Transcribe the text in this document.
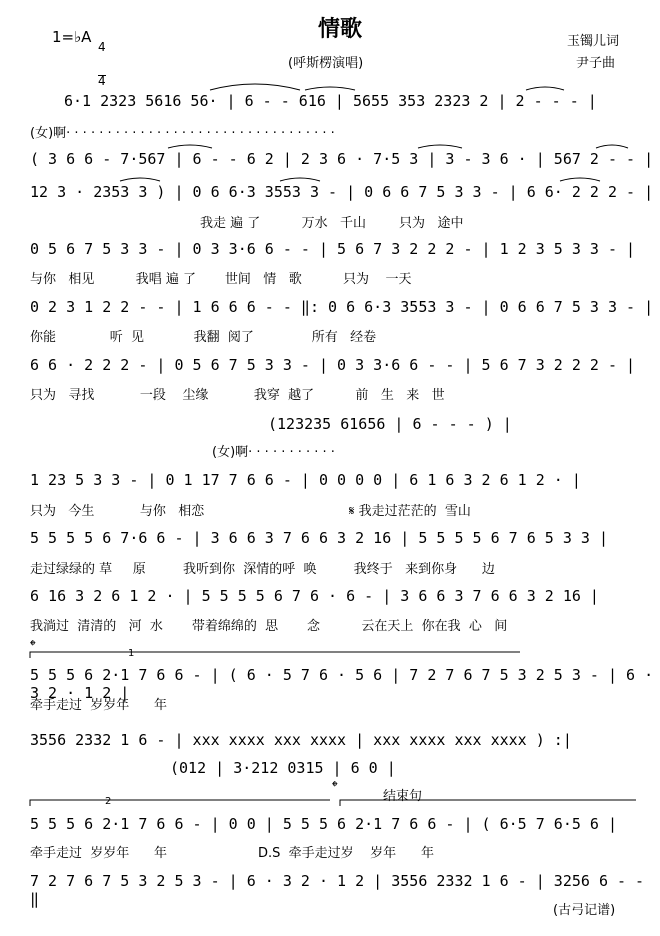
情歌
1=♭A

4

4

(呼斯楞演唱)
玉镯儿词
尹子曲
6·1 2323 5616 56· | 6 - - 616 | 5655 353 2323 2 | 2 - - - |
(女)啊· · · · · · · · · · · · · · · · · · · · · · · · · · · · · · · · ·
( 3 6 6 - 7·567 | 6 - - 6 2 | 2 3 6 · 7·5 3 | 3 - 3 6 · | 567 2 - - |
12 3 · 2353 3 ) | 0 6 6·3 3553 3 - | 0 6 6 7 5 3 3 - | 6 6· 2 2 2 - |
我走 遍 了          万水   千山        只为   途中
0 5 6 7 5 3 3 - | 0 3 3·6 6 - - | 5 6 7 3 2 2 2 - | 1 2 3 5 3 3 - |
与你   相见          我唱 遍 了       世间   情   歌          只为    一天
0 2 3 1 2 2 - - | 1 6 6 6 - - ‖: 0 6 6·3 3553 3 - | 0 6 6 7 5 3 3 - |
你能             听  见            我翻  阅了              所有   经卷
6 6 · 2 2 2 - | 0 5 6 7 5 3 3 - | 0 3 3·6 6 - - | 5 6 7 3 2 2 2 - |
只为   寻找           一段    尘缘           我穿  越了          前   生   来   世
(123235 61656 | 6 - - - ) |
(女)啊· · · · · · · · · · ·
1 23 5 3 3 - | 0 1 17 7 6 6 - | 0 0 0 0 | 6 1 6 3 2 6 1 2 · |
只为   今生           与你   相恋                                   𝄋 我走过茫茫的  雪山
5 5 5 5 6 7·6 6 - | 3 6 6 3 7 6 6 3 2 16 | 5 5 5 5 6 7 6 5 3 3 |
走过绿绿的 草     原         我听到你  深情的呼  唤         我终于   来到你身      边
6 16 3 2 6 1 2 · | 5 5 5 5 6 7 6 · 6 - | 3 6 6 3 7 6 6 3 2 16 |
我淌过  清清的   河  水       带着绵绵的  思       念          云在天上  你在我  心   间
𝄌	1
5 5 5 6 2·1 7 6 6 - | ( 6 · 5 7 6 · 5 6 | 7 2 7 6 7 5 3 2 5 3 - | 6 · 3 2 · 1 2 |
牵手走过  岁岁年      年
3556 2332 1 6 - | xxx xxxx xxx xxxx | xxx xxxx xxx xxxx ) :|
(012 | 3·212 0315 | 6 0 |
𝄌
结束句
2
5 5 5 6 2·1 7 6 6 - | 0 0 | 5 5 5 6 2·1 7 6 6 - | ( 6·5 7 6·5 6 |
牵手走过  岁岁年      年                      D.S  牵手走过岁    岁年      年
7 2 7 6 7 5 3 2 5 3 - | 6 · 3 2 · 1 2 | 3556 2332 1 6 - | 3256 6 - - ‖
(古弓记谱)
